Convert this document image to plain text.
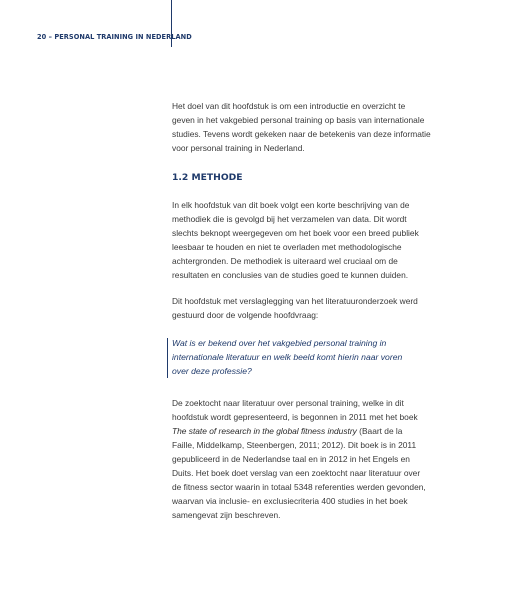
20 – PERSONAL TRAINING IN NEDERLAND

Het doel van dit hoofdstuk is om een introductie en overzicht te
geven in het vakgebied personal training op basis van internationale
studies. Tevens wordt gekeken naar de betekenis van deze informatie
voor personal training in Nederland.

1.2 METHODE

In elk hoofdstuk van dit boek volgt een korte beschrijving van de
methodiek die is gevolgd bij het verzamelen van data. Dit wordt
slechts beknopt weergegeven om het boek voor een breed publiek
leesbaar te houden en niet te overladen met methodologische
achtergronden. De methodiek is uiteraard wel cruciaal om de
resultaten en conclusies van de studies goed te kunnen duiden.

Dit hoofdstuk met verslaglegging van het literatuuronderzoek werd
gestuurd door de volgende hoofdvraag:

Wat is er bekend over het vakgebied personal training in
internationale literatuur en welk beeld komt hierin naar voren
over deze professie?

De zoektocht naar literatuur over personal training, welke in dit
hoofdstuk wordt gepresenteerd, is begonnen in 2011 met het boek
The state of research in the global fitness industry (Baart de la
Faille, Middelkamp, Steenbergen, 2011; 2012). Dit boek is in 2011
gepubliceerd in de Nederlandse taal en in 2012 in het Engels en
Duits. Het boek doet verslag van een zoektocht naar literatuur over
de fitness sector waarin in totaal 5348 referenties werden gevonden,
waarvan via inclusie- en exclusiecriteria 400 studies in het boek
samengevat zijn beschreven.
